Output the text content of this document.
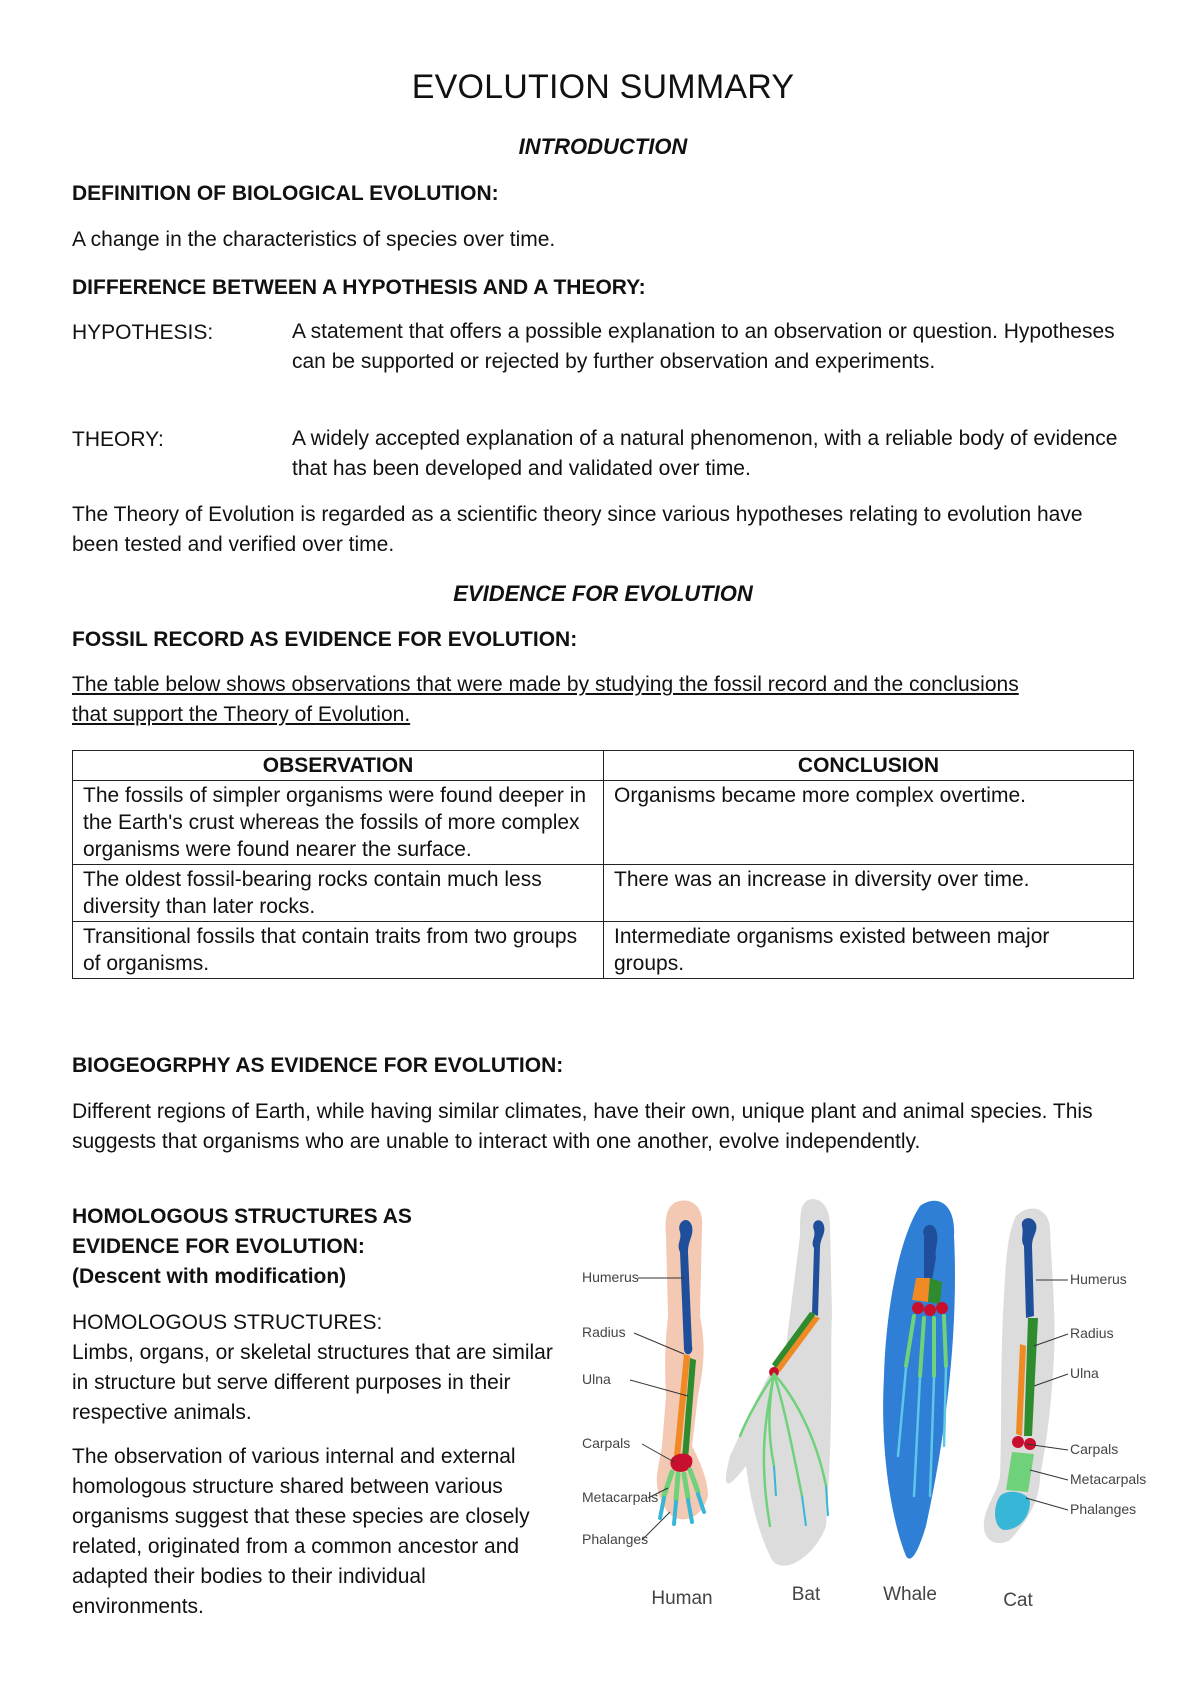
EVOLUTION SUMMARY
INTRODUCTION
DEFINITION OF BIOLOGICAL EVOLUTION:
A change in the characteristics of species over time.
DIFFERENCE BETWEEN A HYPOTHESIS AND A THEORY:
HYPOTHESIS:	A statement that offers a possible explanation to an observation or question. Hypotheses can be supported or rejected by further observation and experiments.
THEORY:	A widely accepted explanation of a natural phenomenon, with a reliable body of evidence that has been developed and validated over time.
The Theory of Evolution is regarded as a scientific theory since various hypotheses relating to evolution have been tested and verified over time.
EVIDENCE FOR EVOLUTION
FOSSIL RECORD AS EVIDENCE FOR EVOLUTION:
The table below shows observations that were made by studying the fossil record and the conclusions that support the Theory of Evolution.
OBSERVATION	CONCLUSION
The fossils of simpler organisms were found deeper in the Earth's crust whereas the fossils of more complex organisms were found nearer the surface.	Organisms became more complex overtime.
The oldest fossil-bearing rocks contain much less diversity than later rocks.	There was an increase in diversity over time.
Transitional fossils that contain traits from two groups of organisms.	Intermediate organisms existed between major groups.
BIOGEOGRPHY AS EVIDENCE FOR EVOLUTION:
Different regions of Earth, while having similar climates, have their own, unique plant and animal species. This suggests that organisms who are unable to interact with one another, evolve independently.
HOMOLOGOUS STRUCTURES AS
EVIDENCE FOR EVOLUTION:
(Descent with modification)
HOMOLOGOUS STRUCTURES:
Limbs, organs, or skeletal structures that are similar in structure but serve different purposes in their respective animals.
The observation of various internal and external homologous structure shared between various organisms suggest that these species are closely related, originated from a common ancestor and adapted their bodies to their individual environments.
Humerus
Radius
Ulna
Carpals
Metacarpals
Phalanges
Humerus
Radius
Ulna
Carpals
Metacarpals
Phalanges
Human	Bat	Whale	Cat
